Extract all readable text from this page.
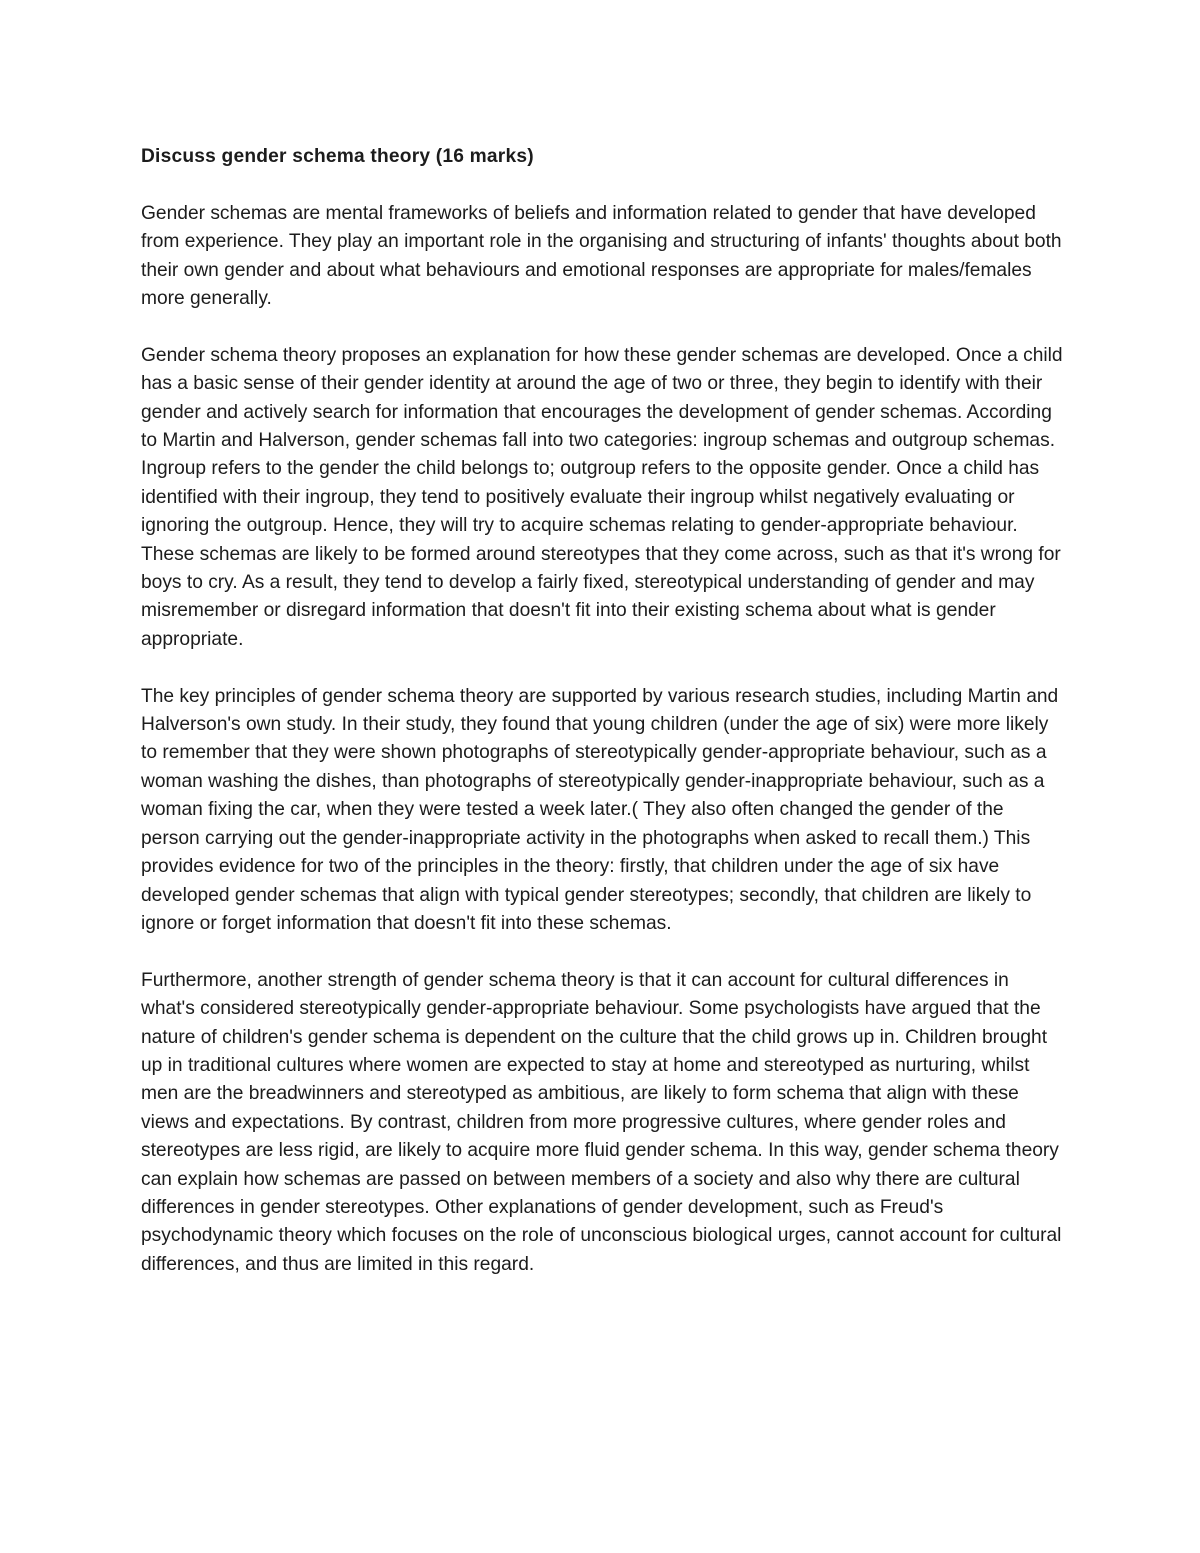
Discuss gender schema theory (16 marks)

Gender schemas are mental frameworks of beliefs and information related to gender that have developed from experience. They play an important role in the organising and structuring of infants' thoughts about both their own gender and about what behaviours and emotional responses are appropriate for males/females more generally.

Gender schema theory proposes an explanation for how these gender schemas are developed. Once a child has a basic sense of their gender identity at around the age of two or three, they begin to identify with their gender and actively search for information that encourages the development of gender schemas. According to Martin and Halverson, gender schemas fall into two categories: ingroup schemas and outgroup schemas. Ingroup refers to the gender the child belongs to; outgroup refers to the opposite gender. Once a child has identified with their ingroup, they tend to positively evaluate their ingroup whilst negatively evaluating or ignoring the outgroup. Hence, they will try to acquire schemas relating to gender-appropriate behaviour. These schemas are likely to be formed around stereotypes that they come across, such as that it's wrong for boys to cry. As a result, they tend to develop a fairly fixed, stereotypical understanding of gender and may misremember or disregard information that doesn't fit into their existing schema about what is gender appropriate.

The key principles of gender schema theory are supported by various research studies, including Martin and Halverson's own study. In their study, they found that young children (under the age of six) were more likely to remember that they were shown photographs of stereotypically gender-appropriate behaviour, such as a woman washing the dishes, than photographs of stereotypically gender-inappropriate behaviour, such as a woman fixing the car, when they were tested a week later.( They also often changed the gender of the person carrying out the gender-inappropriate activity in the photographs when asked to recall them.) This provides evidence for two of the principles in the theory: firstly, that children under the age of six have developed gender schemas that align with typical gender stereotypes; secondly, that children are likely to ignore or forget information that doesn't fit into these schemas.

Furthermore, another strength of gender schema theory is that it can account for cultural differences in what's considered stereotypically gender-appropriate behaviour. Some psychologists have argued that the nature of children's gender schema is dependent on the culture that the child grows up in. Children brought up in traditional cultures where women are expected to stay at home and stereotyped as nurturing, whilst men are the breadwinners and stereotyped as ambitious, are likely to form schema that align with these views and expectations. By contrast, children from more progressive cultures, where gender roles and stereotypes are less rigid, are likely to acquire more fluid gender schema. In this way, gender schema theory can explain how schemas are passed on between members of a society and also why there are cultural differences in gender stereotypes. Other explanations of gender development, such as Freud's psychodynamic theory which focuses on the role of unconscious biological urges, cannot account for cultural differences, and thus are limited in this regard.
